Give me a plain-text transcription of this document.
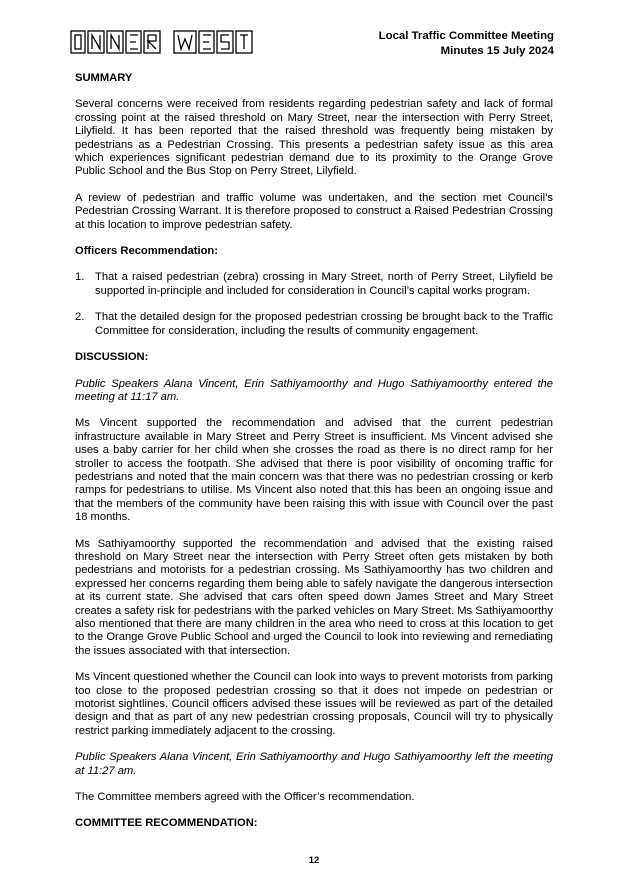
Local Traffic Committee Meeting
Minutes 15 July 2024
SUMMARY

Several concerns were received from residents regarding pedestrian safety and lack of formal crossing point at the raised threshold on Mary Street, near the intersection with Perry Street, Lilyfield. It has been reported that the raised threshold was frequently being mistaken by pedestrians as a Pedestrian Crossing. This presents a pedestrian safety issue as this area which experiences significant pedestrian demand due to its proximity to the Orange Grove Public School and the Bus Stop on Perry Street, Lilyfield.

A review of pedestrian and traffic volume was undertaken, and the section met Council’s Pedestrian Crossing Warrant. It is therefore proposed to construct a Raised Pedestrian Crossing at this location to improve pedestrian safety.

Officers Recommendation:
1. That a raised pedestrian (zebra) crossing in Mary Street, north of Perry Street, Lilyfield be supported in-principle and included for consideration in Council’s capital works program.
2. That the detailed design for the proposed pedestrian crossing be brought back to the Traffic Committee for consideration, including the results of community engagement.
DISCUSSION:

Public Speakers Alana Vincent, Erin Sathiyamoorthy and Hugo Sathiyamoorthy entered the meeting at 11:17 am.

Ms Vincent supported the recommendation and advised that the current pedestrian infrastructure available in Mary Street and Perry Street is insufficient. Ms Vincent advised she uses a baby carrier for her child when she crosses the road as there is no direct ramp for her stroller to access the footpath. She advised that there is poor visibility of oncoming traffic for pedestrians and noted that the main concern was that there was no pedestrian crossing or kerb ramps for pedestrians to utilise. Ms Vincent also noted that this has been an ongoing issue and that the members of the community have been raising this with issue with Council over the past 18 months.

Ms Sathiyamoorthy supported the recommendation and advised that the existing raised threshold on Mary Street near the intersection with Perry Street often gets mistaken by both pedestrians and motorists for a pedestrian crossing. Ms Sathiyamoorthy has two children and expressed her concerns regarding them being able to safely navigate the dangerous intersection at its current state. She advised that cars often speed down James Street and Mary Street creates a safety risk for pedestrians with the parked vehicles on Mary Street. Ms Sathiyamoorthy also mentioned that there are many children in the area who need to cross at this location to get to the Orange Grove Public School and urged the Council to look into reviewing and remediating the issues associated with that intersection.

Ms Vincent questioned whether the Council can look into ways to prevent motorists from parking too close to the proposed pedestrian crossing so that it does not impede on pedestrian or motorist sightlines. Council officers advised these issues will be reviewed as part of the detailed design and that as part of any new pedestrian crossing proposals, Council will try to physically restrict parking immediately adjacent to the crossing.

Public Speakers Alana Vincent, Erin Sathiyamoorthy and Hugo Sathiyamoorthy left the meeting at 11:27 am.

The Committee members agreed with the Officer’s recommendation.

COMMITTEE RECOMMENDATION:
12
